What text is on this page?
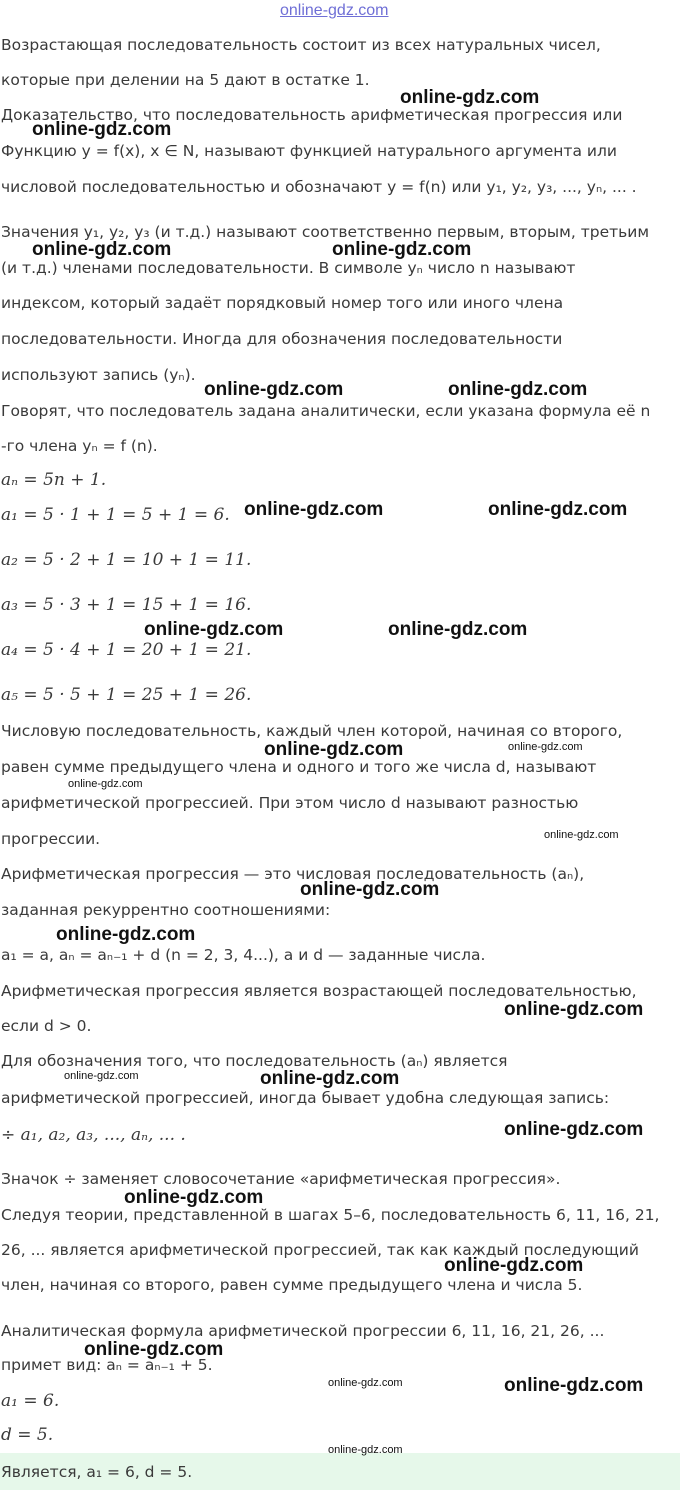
online-gdz.com
Возрастающая последовательность состоит из всех натуральных чисел,
которые при делении на 5 дают в остатке 1.
Доказательство, что последовательность арифметическая прогрессия или
Функцию y = f(x), x ∈ N, называют функцией натурального аргумента или
числовой последовательностью и обозначают y = f(n) или y₁, y₂, y₃, ..., yₙ, ... .
Значения y₁, y₂, y₃ (и т.д.) называют соответственно первым, вторым, третьим
(и т.д.) членами последовательности. В символе yₙ число n называют
индексом, который задаёт порядковый номер того или иного члена
последовательности. Иногда для обозначения последовательности
используют запись (yₙ).
Говорят, что последователь задана аналитически, если указана формула её n
-го члена yₙ = f (n).
aₙ = 5n + 1.
a₁ = 5 · 1 + 1 = 5 + 1 = 6.
a₂ = 5 · 2 + 1 = 10 + 1 = 11.
a₃ = 5 · 3 + 1 = 15 + 1 = 16.
a₄ = 5 · 4 + 1 = 20 + 1 = 21.
a₅ = 5 · 5 + 1 = 25 + 1 = 26.
Числовую последовательность, каждый член которой, начиная со второго,
равен сумме предыдущего члена и одного и того же числа d, называют
арифметической прогрессией. При этом число d называют разностью
прогрессии.
Арифметическая прогрессия — это числовая последовательность (aₙ),
заданная рекуррентно соотношениями:
a₁ = a, aₙ = aₙ₋₁ + d (n = 2, 3, 4...), a и d — заданные числа.
Арифметическая прогрессия является возрастающей последовательностью,
если d > 0.
Для обозначения того, что последовательность (aₙ) является
арифметической прогрессией, иногда бывает удобна следующая запись:
÷ a₁, a₂, a₃, ..., aₙ, ... .
Значок ÷ заменяет словосочетание «арифметическая прогрессия».
Следуя теории, представленной в шагах 5–6, последовательность 6, 11, 16, 21,
26, ... является арифметической прогрессией, так как каждый последующий
член, начиная со второго, равен сумме предыдущего члена и числа 5.
Аналитическая формула арифметической прогрессии 6, 11, 16, 21, 26, ...
примет вид: aₙ = aₙ₋₁ + 5.
a₁ = 6.
d = 5.
Является, a₁ = 6, d = 5.
online-gdz.com
online-gdz.com
online-gdz.com	online-gdz.com
online-gdz.com	online-gdz.com
online-gdz.com	online-gdz.com
online-gdz.com	online-gdz.com
online-gdz.com	online-gdz.com
online-gdz.com
online-gdz.com
online-gdz.com
online-gdz.com
online-gdz.com
online-gdz.com	online-gdz.com
online-gdz.com
online-gdz.com
online-gdz.com
online-gdz.com
online-gdz.com	online-gdz.com
online-gdz.com
